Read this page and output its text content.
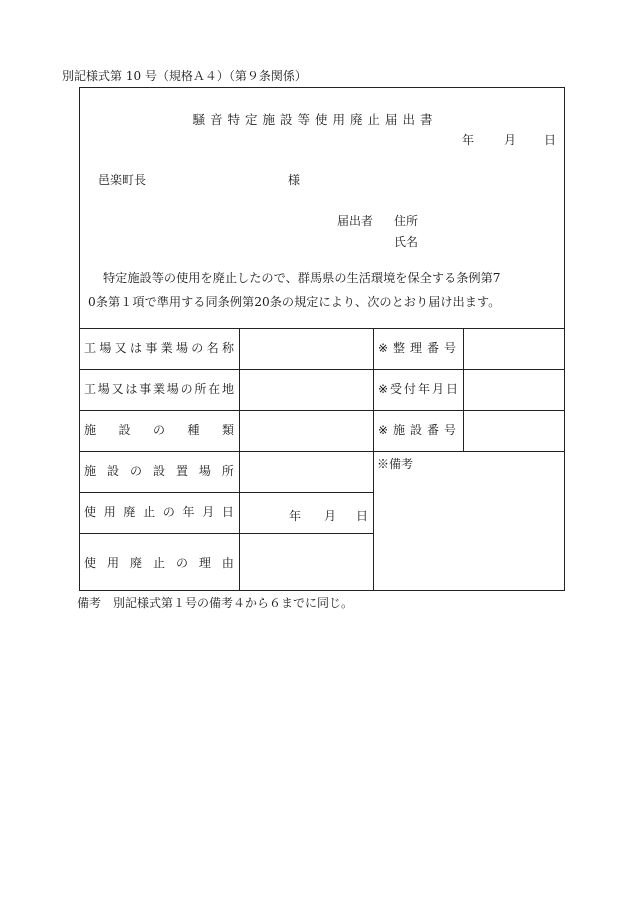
別記様式第 10 号（規格Ａ４）（第９条関係）
騒音特定施設等使用廃止届出書
年 月 日
邑楽町長	様
届出者 住所
氏名
特定施設等の使用を廃止したので、群馬県の生活環境を保全する条例第7
0条第１項で準用する同条例第20条の規定により、次のとおり届け出ます。
工 場 又 は 事 業 場 の 名 称
工 場 又 は 事 業 場 の 所 在 地
施 設 の 種 類
施 設 の 設 置 場 所
使 用 廃 止 の 年 月 日
使 用 廃 止 の 理 由
年 月 日
※ 整 理 番 号
※ 受 付 年 月 日
※ 施 設 番 号
※備考
備考　別記様式第１号の備考４から６までに同じ。
